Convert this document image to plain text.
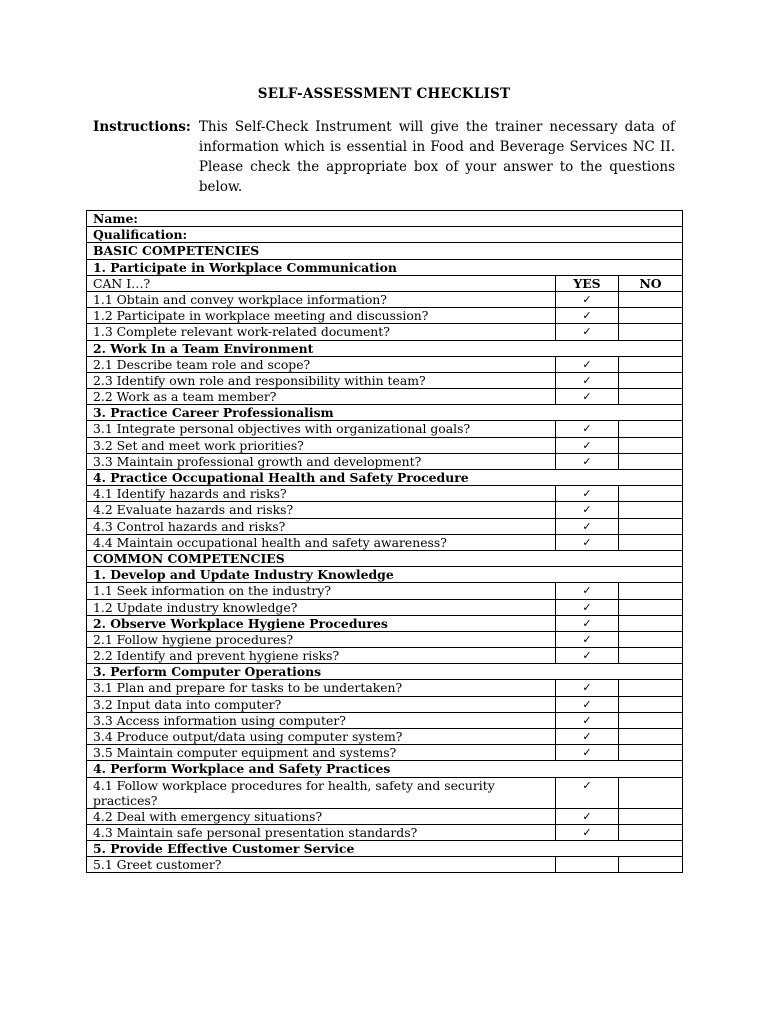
SELF-ASSESSMENT CHECKLIST
Instructions: This Self-Check Instrument will give the trainer necessary data of information which is essential in Food and Beverage Services NC II. Please check the appropriate box of your answer to the questions below.
Name:		
Qualification:		
BASIC COMPETENCIES		
1. Participate in Workplace Communication		
CAN I…?	YES	NO
1.1 Obtain and convey workplace information?	✓	
1.2 Participate in workplace meeting and discussion?	✓	
1.3 Complete relevant work-related document?	✓	
2. Work In a Team Environment		
2.1 Describe team role and scope?	✓	
2.3 Identify own role and responsibility within team?	✓	
2.2 Work as a team member?	✓	
3. Practice Career Professionalism		
3.1 Integrate personal objectives with organizational goals?	✓	
3.2 Set and meet work priorities?	✓	
3.3 Maintain professional growth and development?	✓	
4. Practice Occupational Health and Safety Procedure		
4.1 Identify hazards and risks?	✓	
4.2 Evaluate hazards and risks?	✓	
4.3 Control hazards and risks?	✓	
4.4 Maintain occupational health and safety awareness?	✓	
COMMON COMPETENCIES		
1. Develop and Update Industry Knowledge		
1.1 Seek information on the industry?	✓	
1.2 Update industry knowledge?	✓	
2. Observe Workplace Hygiene Procedures	✓	
2.1 Follow hygiene procedures?	✓	
2.2 Identify and prevent hygiene risks?	✓	
3. Perform Computer Operations		
3.1 Plan and prepare for tasks to be undertaken?	✓	
3.2 Input data into computer?	✓	
3.3 Access information using computer?	✓	
3.4 Produce output/data using computer system?	✓	
3.5 Maintain computer equipment and systems?	✓	
4. Perform Workplace and Safety Practices		
4.1 Follow workplace procedures for health, safety and security practices?	✓	
4.2 Deal with emergency situations?	✓	
4.3 Maintain safe personal presentation standards?	✓	
5. Provide Effective Customer Service		
5.1 Greet customer?		
